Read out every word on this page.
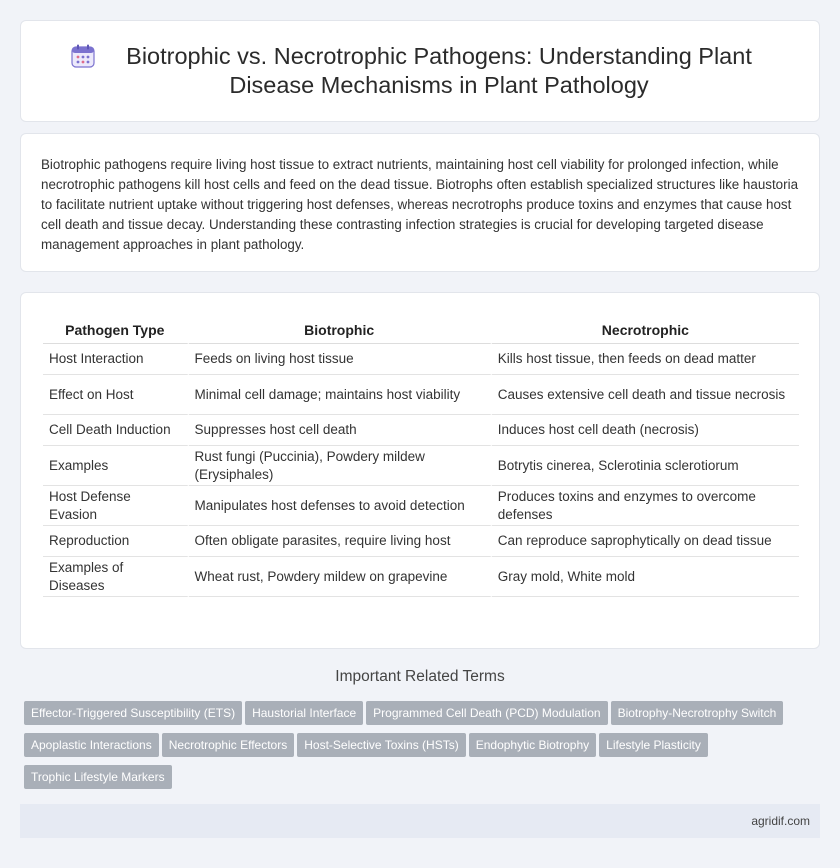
Biotrophic vs. Necrotrophic Pathogens: Understanding Plant Disease Mechanisms in Plant Pathology

Biotrophic pathogens require living host tissue to extract nutrients, maintaining host cell viability for prolonged infection, while necrotrophic pathogens kill host cells and feed on the dead tissue. Biotrophs often establish specialized structures like haustoria to facilitate nutrient uptake without triggering host defenses, whereas necrotrophs produce toxins and enzymes that cause host cell death and tissue decay. Understanding these contrasting infection strategies is crucial for developing targeted disease management approaches in plant pathology.

Pathogen Type	Biotrophic	Necrotrophic
Host Interaction	Feeds on living host tissue	Kills host tissue, then feeds on dead matter
Effect on Host	Minimal cell damage; maintains host viability	Causes extensive cell death and tissue necrosis
Cell Death Induction	Suppresses host cell death	Induces host cell death (necrosis)
Examples	Rust fungi (Puccinia), Powdery mildew (Erysiphales)	Botrytis cinerea, Sclerotinia sclerotiorum
Host Defense Evasion	Manipulates host defenses to avoid detection	Produces toxins and enzymes to overcome defenses
Reproduction	Often obligate parasites, require living host	Can reproduce saprophytically on dead tissue
Examples of Diseases	Wheat rust, Powdery mildew on grapevine	Gray mold, White mold
Important Related Terms
Effector-Triggered Susceptibility (ETS) Haustorial Interface Programmed Cell Death (PCD) Modulation Biotrophy-Necrotrophy Switch
Apoplastic Interactions Necrotrophic Effectors Host-Selective Toxins (HSTs) Endophytic Biotrophy Lifestyle Plasticity
Trophic Lifestyle Markers
agridif.com
